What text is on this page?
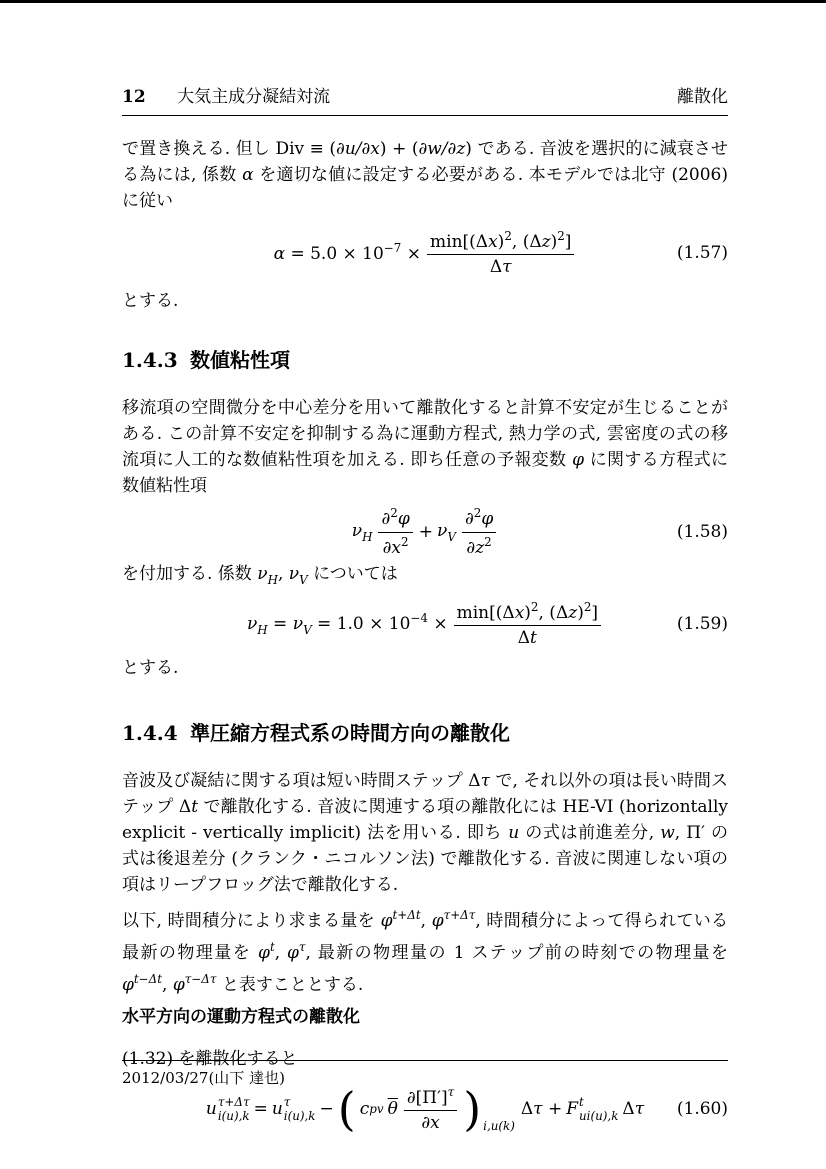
12 大気主成分凝結対流	離散化

で置き換える. 但し Div ≡ (∂u/∂x) + (∂w/∂z) である. 音波を選択的に減衰させる為には, 係数 α を適切な値に設定する必要がある. 本モデルでは北守 (2006) に従い

$\alpha = 5.0 \times 10^{-7} \times \frac{\min[(\Delta x)^2, (\Delta z)^2]}{\Delta\tau}$	(1.57)

とする.

1.4.3 数値粘性項

移流項の空間微分を中心差分を用いて離散化すると計算不安定が生じることがある. この計算不安定を抑制する為に運動方程式, 熱力学の式, 雲密度の式の移流項に人工的な数値粘性項を加える. 即ち任意の予報変数 φ に関する方程式に数値粘性項

$\nu_H \frac{\partial^2\varphi}{\partial x^2} + \nu_V \frac{\partial^2\varphi}{\partial z^2}$	(1.58)

を付加する. 係数 $\nu_H$, $\nu_V$ については

$\nu_H = \nu_V = 1.0 \times 10^{-4} \times \frac{\min[(\Delta x)^2, (\Delta z)^2]}{\Delta t}$	(1.59)

とする.

1.4.4 準圧縮方程式系の時間方向の離散化

音波及び凝結に関する項は短い時間ステップ Δτ で, それ以外の項は長い時間ステップ Δt で離散化する. 音波に関連する項の離散化には HE-VI (horizontally explicit - vertically implicit) 法を用いる. 即ち u の式は前進差分, w, Π′ の式は後退差分 (クランク・ニコルソン法) で離散化する. 音波に関連しない項の項はリープフロッグ法で離散化する.

以下, 時間積分により求まる量を $\varphi^{t+\Delta t}$, $\varphi^{\tau+\Delta\tau}$, 時間積分によって得られている最新の物理量を $\varphi^t$, $\varphi^\tau$, 最新の物理量の 1 ステップ前の時刻での物理量を $\varphi^{t-\Delta t}$, $\varphi^{\tau-\Delta\tau}$ と表すこととする.

水平方向の運動方程式の離散化

(1.32) を離散化すると

u τ+Δτ
i(u),k = u τ
i(u),k − ( c pv $\overline{\theta} \frac{\partial[\Pi']^\tau}{\partial x}$ ) i,u(k)
Δτ + F t
ui(u),k Δτ (1.60)
2012/03/27(山下 達也)
